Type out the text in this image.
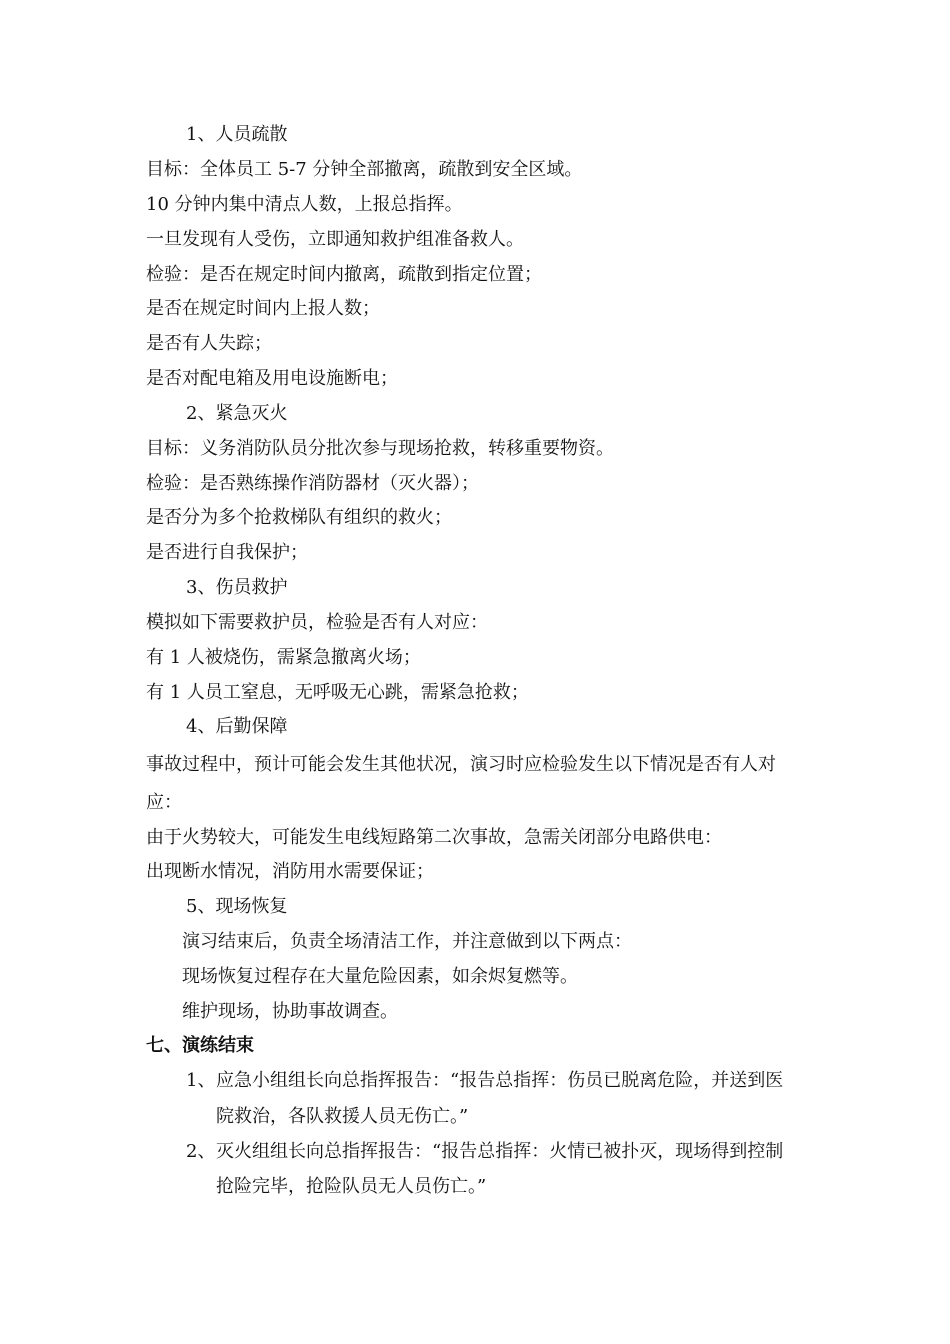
1、人员疏散
目标：全体员工 5-7 分钟全部撤离，疏散到安全区域。
10 分钟内集中清点人数，上报总指挥。
一旦发现有人受伤，立即通知救护组准备救人。
检验：是否在规定时间内撤离，疏散到指定位置；
是否在规定时间内上报人数；
是否有人失踪；
是否对配电箱及用电设施断电；
2、紧急灭火
目标：义务消防队员分批次参与现场抢救，转移重要物资。
检验：是否熟练操作消防器材（灭火器）；
是否分为多个抢救梯队有组织的救火；
是否进行自我保护；
3、伤员救护
模拟如下需要救护员，检验是否有人对应：
有 1 人被烧伤，需紧急撤离火场；
有 1 人员工窒息，无呼吸无心跳，需紧急抢救；
4、后勤保障
事故过程中，预计可能会发生其他状况，演习时应检验发生以下情况是否有人对
应：
由于火势较大，可能发生电线短路第二次事故，急需关闭部分电路供电：
出现断水情况，消防用水需要保证；
5、现场恢复
演习结束后，负责全场清洁工作，并注意做到以下两点：
现场恢复过程存在大量危险因素，如余烬复燃等。
维护现场，协助事故调查。
七、演练结束
1、 应急小组组长向总指挥报告：“报告总指挥：伤员已脱离危险，并送到医
院救治，各队救援人员无伤亡。”
2、 灭火组组长向总指挥报告：“报告总指挥：火情已被扑灭，现场得到控制
抢险完毕，抢险队员无人员伤亡。”
